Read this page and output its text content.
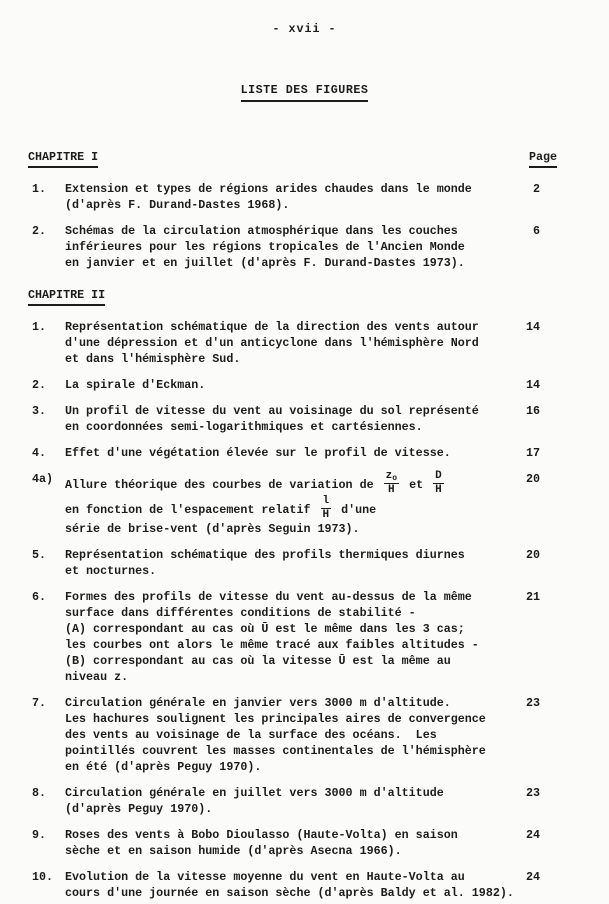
- xvii -
LISTE DES FIGURES
CHAPITRE I	Page
1.	Extension et types de régions arides chaudes dans le monde
(d'après F. Durand-Dastes 1968).
2
2.	Schémas de la circulation atmosphérique dans les couches
inférieures pour les régions tropicales de l'Ancien Monde
en janvier et en juillet (d'après F. Durand-Dastes 1973).
6
CHAPITRE II
1.	Représentation schématique de la direction des vents autour
d'une dépression et d'un anticyclone dans l'hémisphère Nord
et dans l'hémisphère Sud.
14
2.	La spirale d'Eckman.	14
3.	Un profil de vitesse du vent au voisinage du sol représenté
en coordonnées semi-logarithmiques et cartésiennes.
16
4.	Effet d'une végétation élevée sur le profil de vitesse.	17
4a)	Allure théorique des courbes de variation de $\frac{z_o}{H}$ et $\frac{D}{H}$
en fonction de l'espacement relatif $\frac{l}{H} d'une$
série de brise-vent (d'après Seguin 1973).
20
5.	Représentation schématique des profils thermiques diurnes
et nocturnes.
20
6.	Formes des profils de vitesse du vent au-dessus de la même
surface dans différentes conditions de stabilité -
(A) correspondant au cas où Ū est le même dans les 3 cas;
les courbes ont alors le même tracé aux faibles altitudes -
(B) correspondant au cas où la vitesse Ū est la même au
niveau z.
21
7.	Circulation générale en janvier vers 3000 m d'altitude.
Les hachures soulignent les principales aires de convergence
des vents au voisinage de la surface des océans.  Les
pointillés couvrent les masses continentales de l'hémisphère
en été (d'après Peguy 1970).
23
8.	Circulation générale en juillet vers 3000 m d'altitude
(d'après Peguy 1970).
23
9.	Roses des vents à Bobo Dioulasso (Haute-Volta) en saison
sèche et en saison humide (d'après Asecna 1966).
24
10.	Evolution de la vitesse moyenne du vent en Haute-Volta au
cours d'une journée en saison sèche (d'après Baldy et al. 1982).
24
